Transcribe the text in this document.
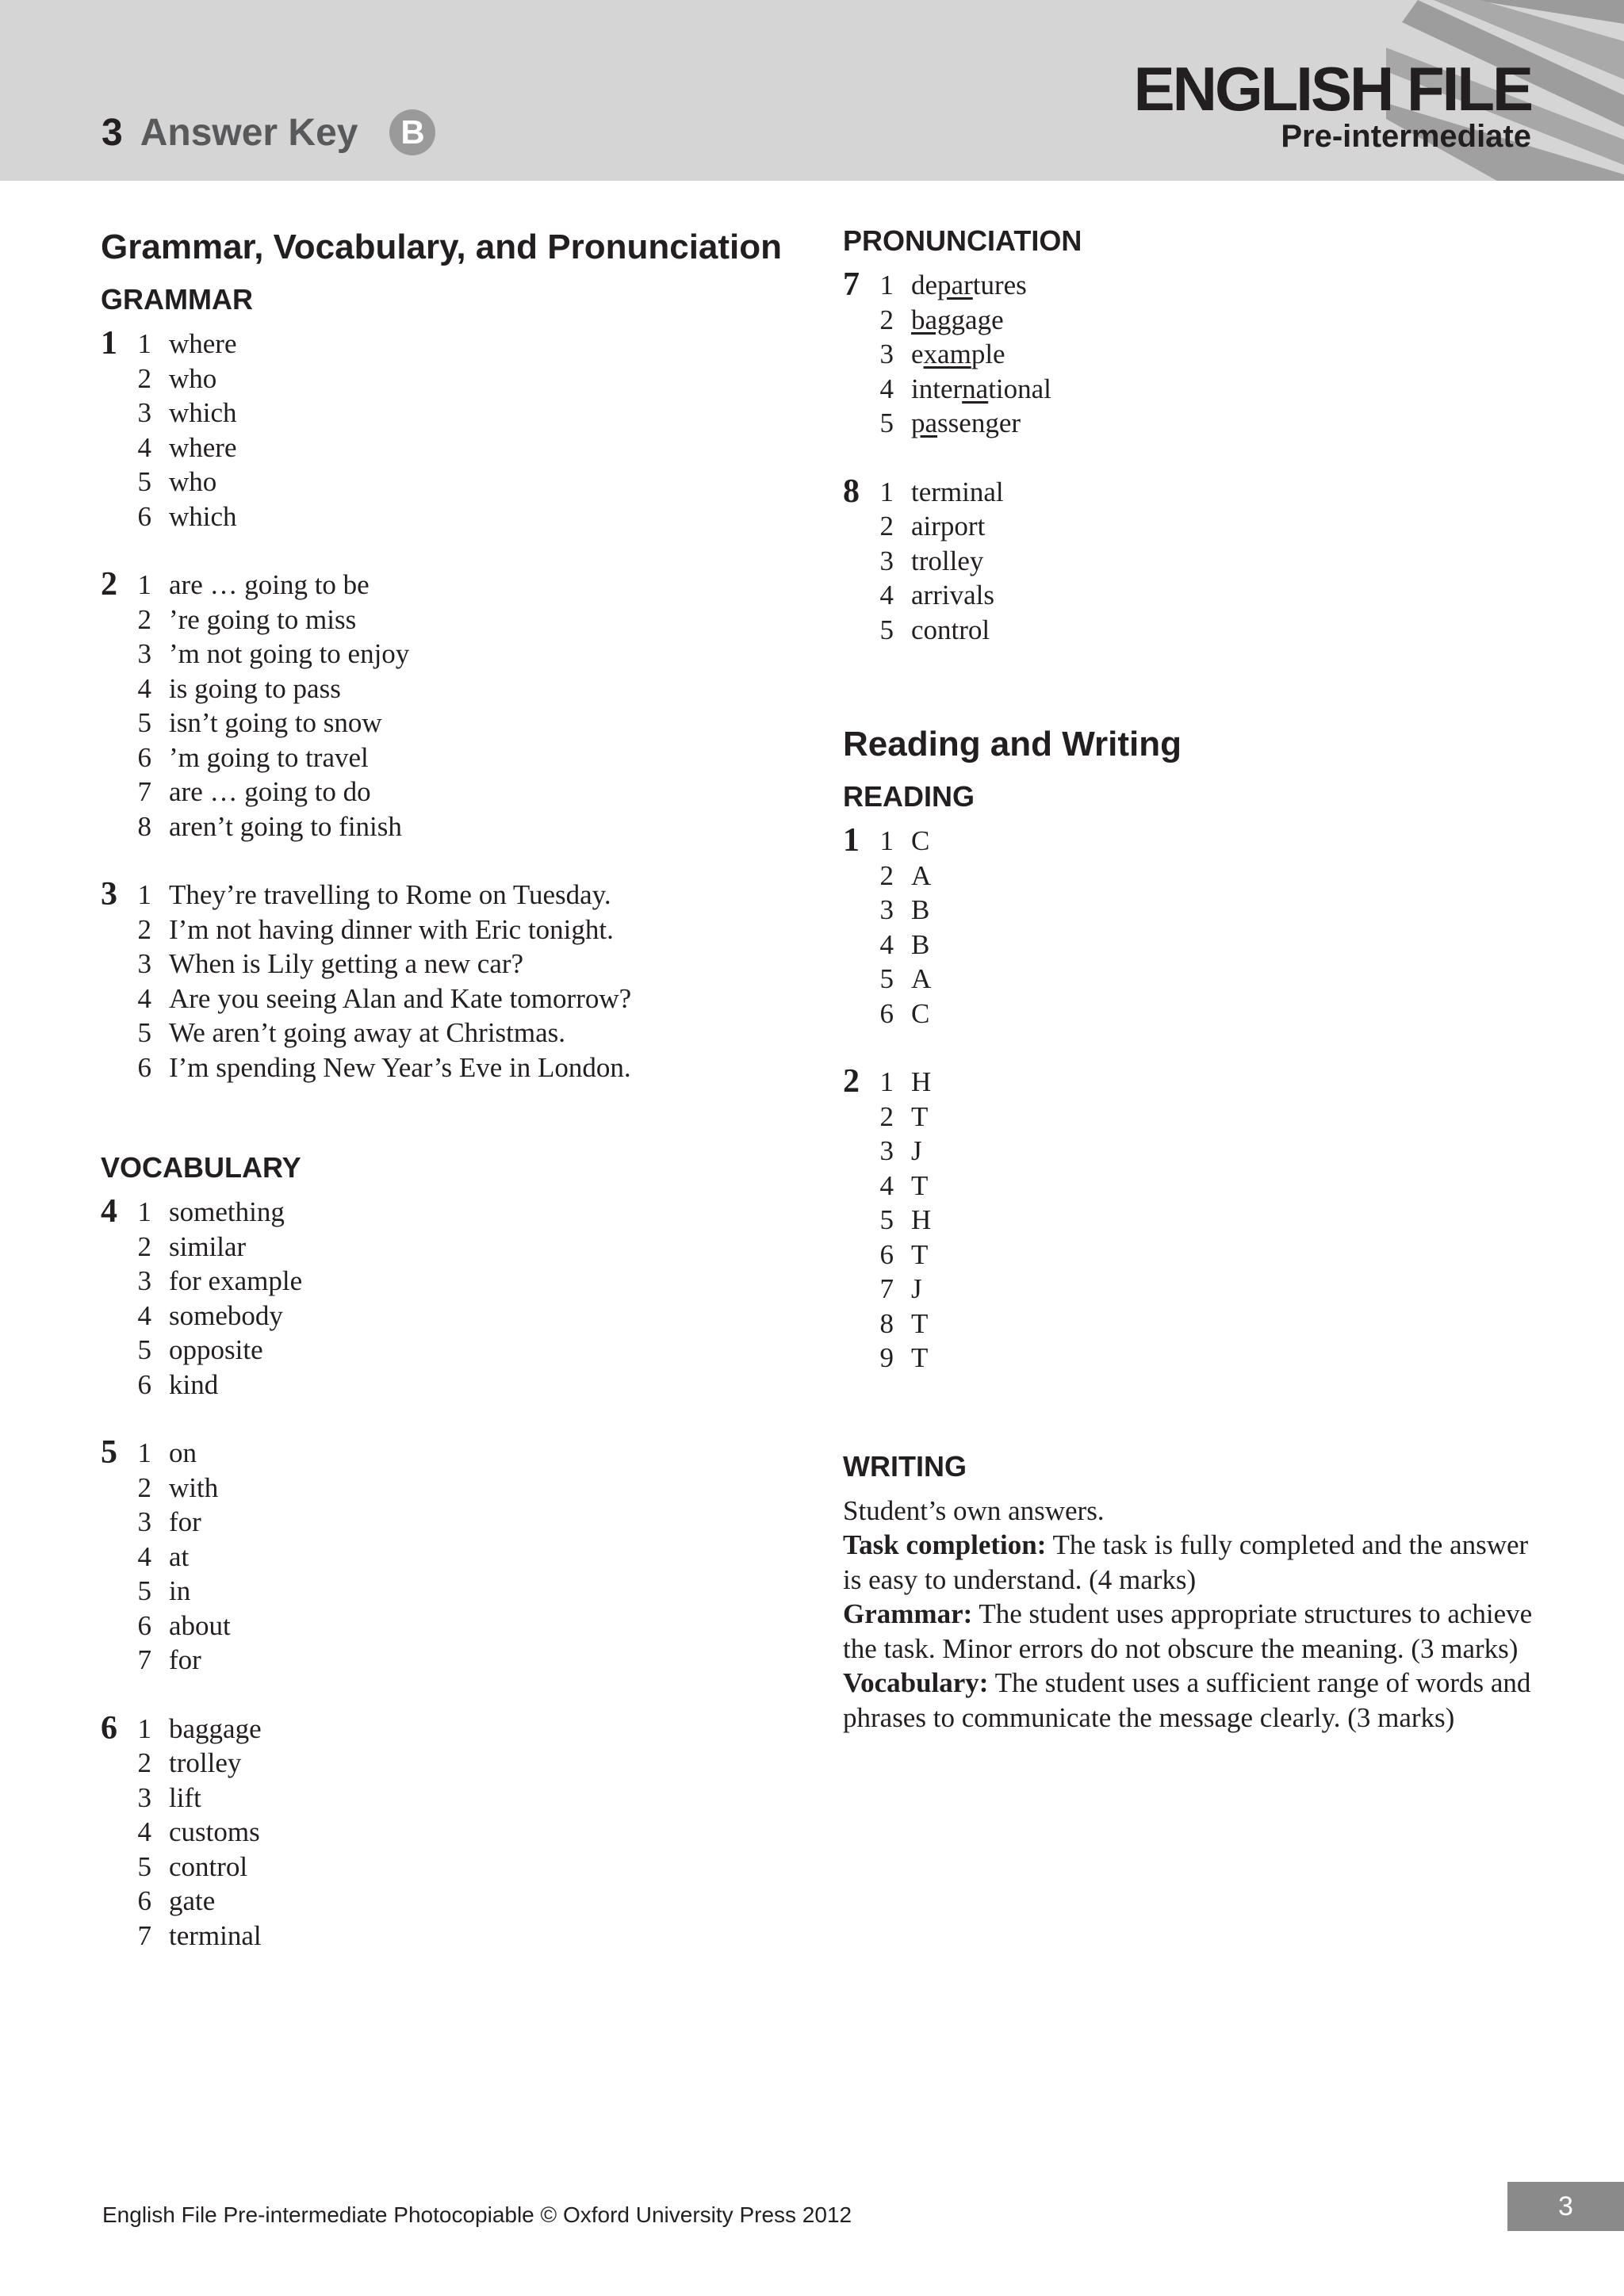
3 Answer Key	B
ENGLISH FILE
Pre-intermediate
Grammar, Vocabulary, and Pronunciation
GRAMMAR
1 1 where
2 who
3 which
4 where
5 who
6 which
2 1 are … going to be
2 ’re going to miss
3 ’m not going to enjoy
4 is going to pass
5 isn’t going to snow
6 ’m going to travel
7 are … going to do
8 aren’t going to finish
3 1 They’re travelling to Rome on Tuesday.
2 I’m not having dinner with Eric tonight.
3 When is Lily getting a new car?
4 Are you seeing Alan and Kate tomorrow?
5 We aren’t going away at Christmas.
6 I’m spending New Year’s Eve in London.
VOCABULARY
4 1 something
2 similar
3 for example
4 somebody
5 opposite
6 kind
5 1 on
2 with
3 for
4 at
5 in
6 about
7 for
6 1 baggage
2 trolley
3 lift
4 customs
5 control
6 gate
7 terminal
PRONUNCIATION
7 1 departures
2 baggage
3 example
4 international
5 passenger
8 1 terminal
2 airport
3 trolley
4 arrivals
5 control
Reading and Writing
READING
1 1 C
2 A
3 B
4 B
5 A
6 C
2 1 H
2 T
3 J
4 T
5 H
6 T
7 J
8 T
9 T
WRITING

Student’s own answers.

Task completion: The task is fully completed and the answer is easy to understand. (4 marks)

Grammar: The student uses appropriate structures to achieve the task. Minor errors do not obscure the meaning. (3 marks)

Vocabulary: The student uses a sufficient range of words and phrases to communicate the message clearly. (3 marks)

English File Pre-intermediate Photocopiable © Oxford University Press 2012	3
